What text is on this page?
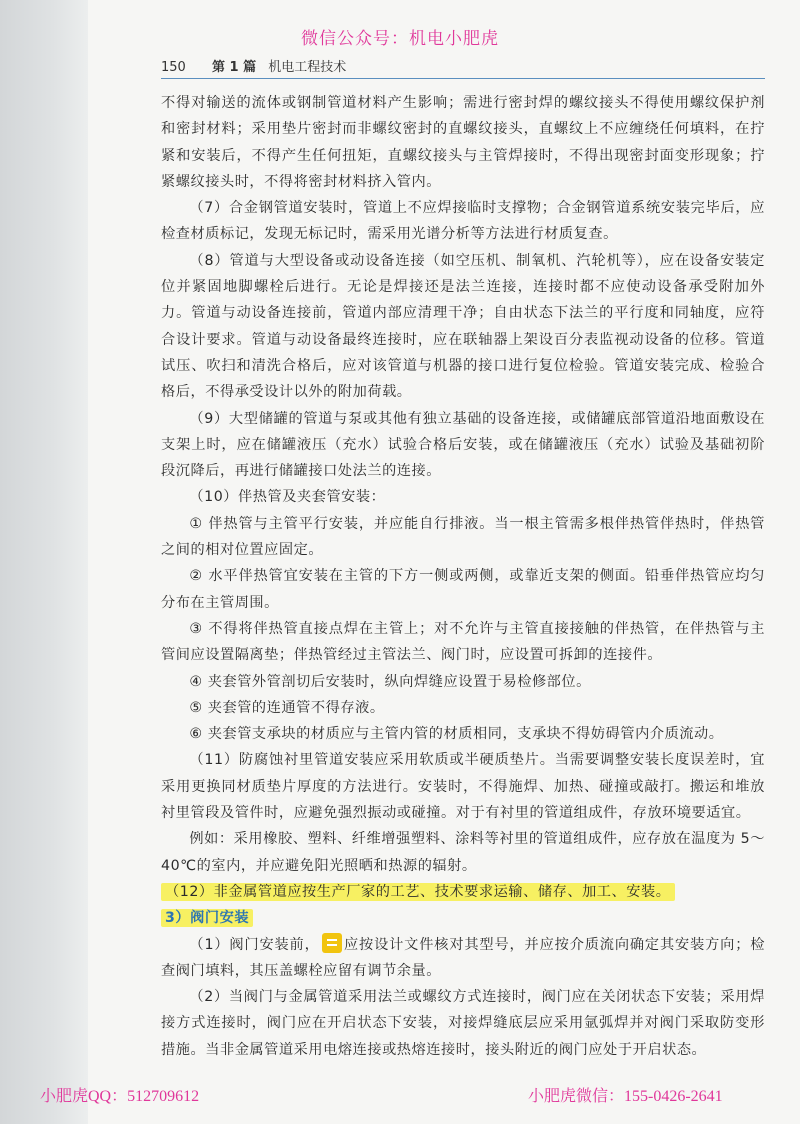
微信公众号：机电小肥虎
150 第 1 篇 机电工程技术

不得对输送的流体或钢制管道材料产生影响；需进行密封焊的螺纹接头不得使用螺纹保护剂和密封材料；采用垫片密封而非螺纹密封的直螺纹接头，直螺纹上不应缠绕任何填料，在拧紧和安装后，不得产生任何扭矩，直螺纹接头与主管焊接时，不得出现密封面变形现象；拧紧螺纹接头时，不得将密封材料挤入管内。

（7）合金钢管道安装时，管道上不应焊接临时支撑物；合金钢管道系统安装完毕后，应检查材质标记，发现无标记时，需采用光谱分析等方法进行材质复查。

（8）管道与大型设备或动设备连接（如空压机、制氧机、汽轮机等），应在设备安装定位并紧固地脚螺栓后进行。无论是焊接还是法兰连接，连接时都不应使动设备承受附加外力。管道与动设备连接前，管道内部应清理干净；自由状态下法兰的平行度和同轴度，应符合设计要求。管道与动设备最终连接时，应在联轴器上架设百分表监视动设备的位移。管道试压、吹扫和清洗合格后，应对该管道与机器的接口进行复位检验。管道安装完成、检验合格后，不得承受设计以外的附加荷载。

（9）大型储罐的管道与泵或其他有独立基础的设备连接，或储罐底部管道沿地面敷设在支架上时，应在储罐液压（充水）试验合格后安装，或在储罐液压（充水）试验及基础初阶段沉降后，再进行储罐接口处法兰的连接。

（10）伴热管及夹套管安装：

① 伴热管与主管平行安装，并应能自行排液。当一根主管需多根伴热管伴热时，伴热管之间的相对位置应固定。

② 水平伴热管宜安装在主管的下方一侧或两侧，或靠近支架的侧面。铅垂伴热管应均匀分布在主管周围。

③ 不得将伴热管直接点焊在主管上；对不允许与主管直接接触的伴热管，在伴热管与主管间应设置隔离垫；伴热管经过主管法兰、阀门时，应设置可拆卸的连接件。

④ 夹套管外管剖切后安装时，纵向焊缝应设置于易检修部位。

⑤ 夹套管的连通管不得存液。

⑥ 夹套管支承块的材质应与主管内管的材质相同，支承块不得妨碍管内介质流动。

（11）防腐蚀衬里管道安装应采用软质或半硬质垫片。当需要调整安装长度误差时，宜采用更换同材质垫片厚度的方法进行。安装时，不得施焊、加热、碰撞或敲打。搬运和堆放衬里管段及管件时，应避免强烈振动或碰撞。对于有衬里的管道组成件，存放环境要适宜。

例如：采用橡胶、塑料、纤维增强塑料、涂料等衬里的管道组成件，应存放在温度为 5～40℃的室内，并应避免阳光照晒和热源的辐射。

（12）非金属管道应按生产厂家的工艺、技术要求运输、储存、加工、安装。

3）阀门安装

（1）阀门安装前， 应按设计文件核对其型号，并应按介质流向确定其安装方向；检查阀门填料，其压盖螺栓应留有调节余量。

（2）当阀门与金属管道采用法兰或螺纹方式连接时，阀门应在关闭状态下安装；采用焊接方式连接时，阀门应在开启状态下安装，对接焊缝底层应采用氩弧焊并对阀门采取防变形措施。当非金属管道采用电熔连接或热熔连接时，接头附近的阀门应处于开启状态。

小肥虎QQ：512709612	小肥虎微信：155-0426-2641
